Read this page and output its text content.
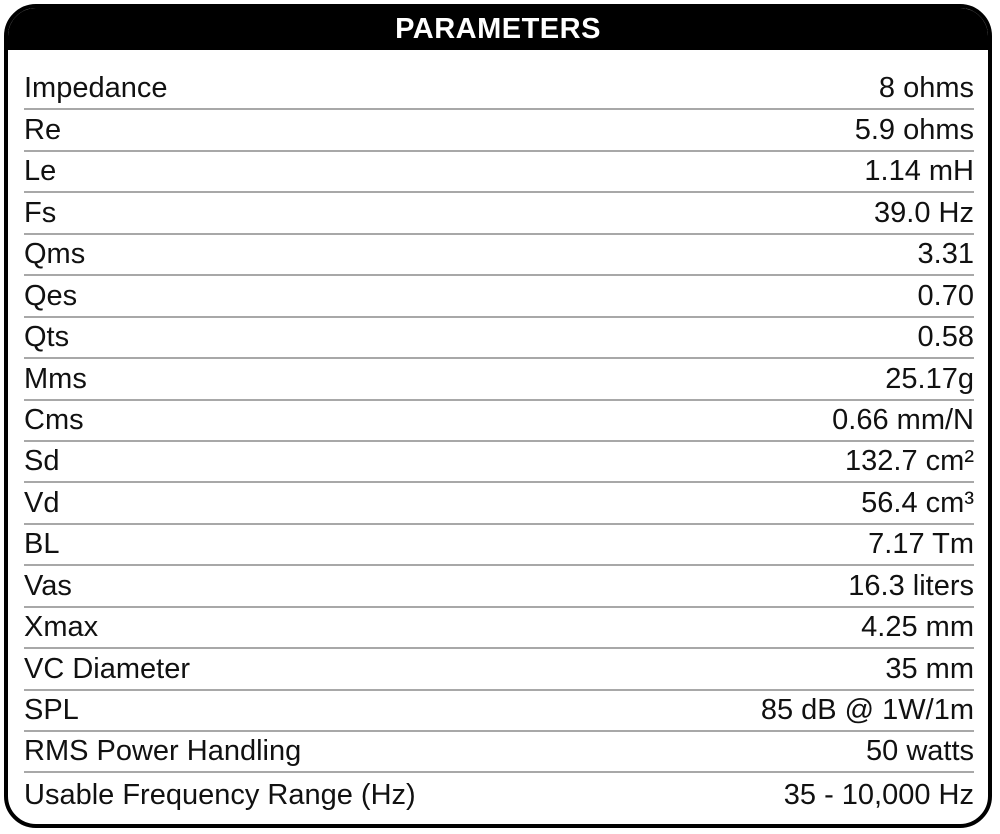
PARAMETERS
Impedance	8 ohms
Re	5.9 ohms
Le	1.14 mH
Fs	39.0 Hz
Qms	3.31
Qes	0.70
Qts	0.58
Mms	25.17g
Cms	0.66 mm/N
Sd	132.7 cm²
Vd	56.4 cm³
BL	7.17 Tm
Vas	16.3 liters
Xmax	4.25 mm
VC Diameter	35 mm
SPL	85 dB @ 1W/1m
RMS Power Handling	50 watts
Usable Frequency Range (Hz)	35 - 10,000 Hz
